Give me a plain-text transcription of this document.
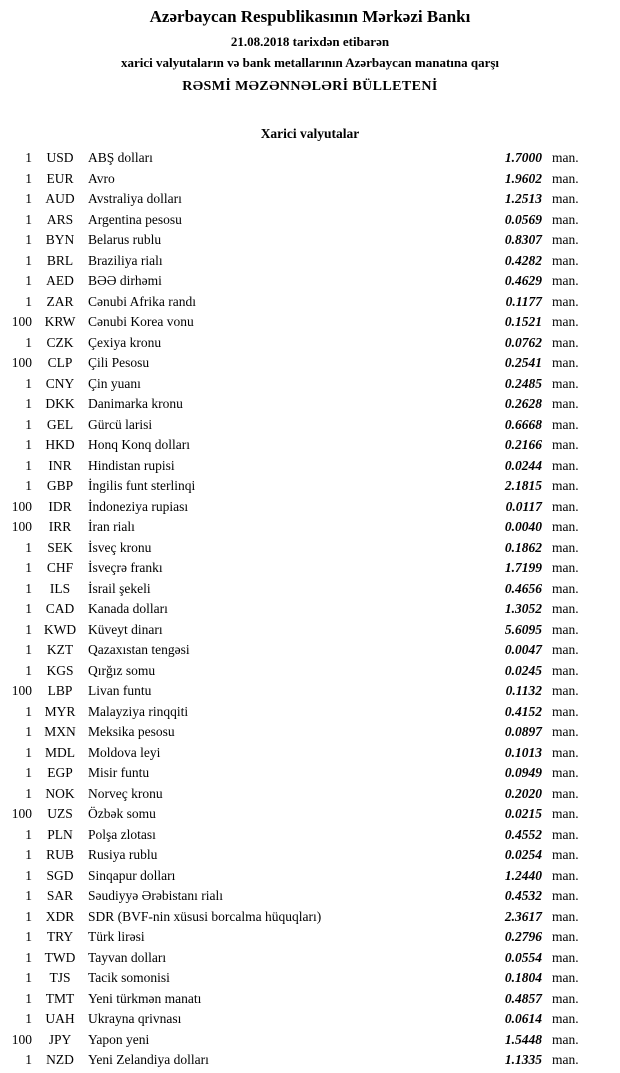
Azərbaycan Respublikasının Mərkəzi Bankı
21.08.2018 tarixdən etibarən
xarici valyutaların və bank metallarının Azərbaycan manatına qarşı
RƏSMİ MƏZƏNNƏLƏRİ BÜLLETENİ
Xarici valyutalar
1	USD	ABŞ dolları	1.7000 man.
1	EUR	Avro	1.9602 man.
1 AUD Avstraliya dolları	1.2513 man.
1	ARS	Argentina pesosu	0.0569 man.
1	BYN	Belarus rublu	0.8307 man.
1	BRL	Braziliya rialı	0.4282 man.
1	AED	BƏƏ dirhəmi	0.4629 man.
1	ZAR	Cənubi Afrika randı	0.1177 man.
100 KRW Cənubi Korea vonu	0.1521 man.
1	CZK	Çexiya kronu	0.0762 man.
100	CLP	Çili Pesosu	0.2541 man.
1	CNY	Çin yuanı	0.2485 man.
1 DKK Danimarka kronu	0.2628 man.
1	GEL	Gürcü larisi	0.6668 man.
1 HKD Honq Konq dolları	0.2166 man.
1	INR	Hindistan rupisi	0.0244 man.
1	GBP	İngilis funt sterlinqi	2.1815 man.
100	IDR	İndoneziya rupiası	0.0117 man.
100	IRR	İran rialı	0.0040 man.
1	SEK	İsveç kronu	0.1862 man.
1	CHF	İsveçrə frankı	1.7199 man.
1	ILS	İsrail şekeli	0.4656 man.
1	CAD	Kanada dolları	1.3052 man.
1 KWD Küveyt dinarı	5.6095 man.
1	KZT	Qazaxıstan tengəsi	0.0047 man.
1	KGS	Qırğız somu	0.0245 man.
100	LBP	Livan funtu	0.1132 man.
1 MYR Malayziya rinqqiti	0.4152 man.
1 MXN Meksika pesosu	0.0897 man.
1 MDL Moldova leyi	0.1013 man.
1	EGP	Misir funtu	0.0949 man.
1 NOK Norveç kronu	0.2020 man.
100	UZS	Özbək somu	0.0215 man.
1	PLN	Polşa zlotası	0.4552 man.
1	RUB	Rusiya rublu	0.0254 man.
1	SGD	Sinqapur dolları	1.2440 man.
1	SAR	Səudiyyə Ərəbistanı rialı	0.4532 man.
1	XDR	SDR (BVF-nin xüsusi borcalma hüquqları)	2.3617 man.
1	TRY	Türk lirəsi	0.2796 man.
1 TWD Tayvan dolları	0.0554 man.
1	TJS	Tacik somonisi	0.1804 man.
1	TMT	Yeni türkmən manatı	0.4857 man.
1 UAH Ukrayna qrivnası	0.0614 man.
100	JPY	Yapon yeni	1.5448 man.
1	NZD	Yeni Zelandiya dolları	1.1335 man.
